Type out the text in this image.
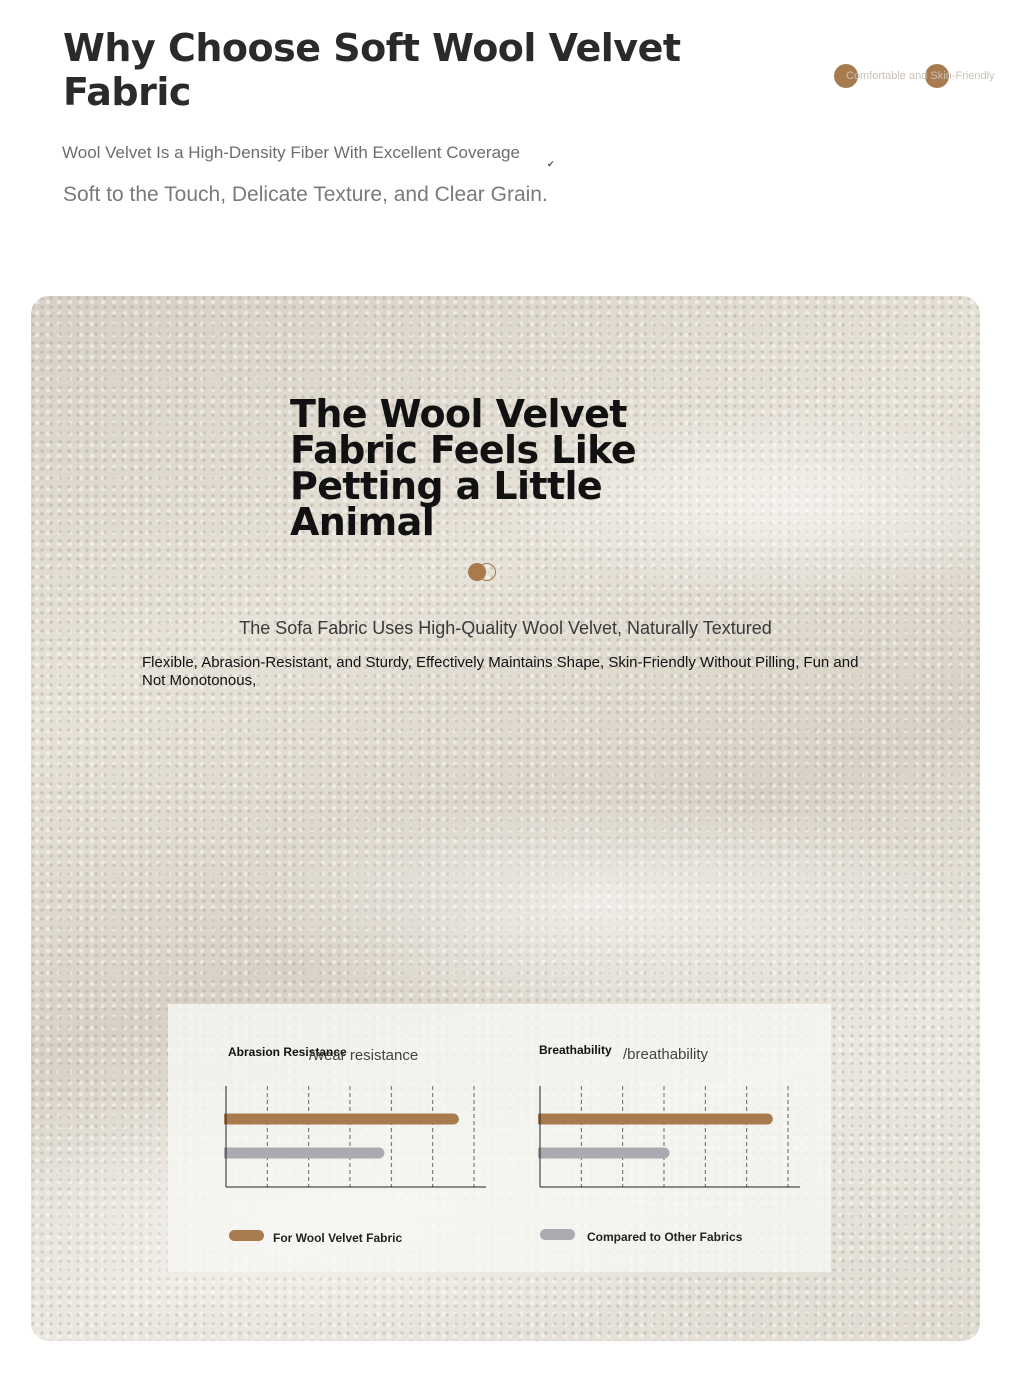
Why Choose Soft Wool Velvet Fabric	Comfortable and Skin-Friendly

Wool Velvet Is a High-Density Fiber With Excellent Coverage

✔

Soft to the Touch, Delicate Texture, and Clear Grain.

The Wool Velvet Fabric Feels Like Petting a Little Animal

The Sofa Fabric Uses High-Quality Wool Velvet, Naturally Textured

Flexible, Abrasion-Resistant, and Sturdy, Effectively Maintains Shape, Skin-Friendly Without Pilling, Fun and Not Monotonous,

Abrasion Resistance
/wear resistance	Breathability /breathability
For Wool Velvet Fabric	Compared to Other Fabrics
